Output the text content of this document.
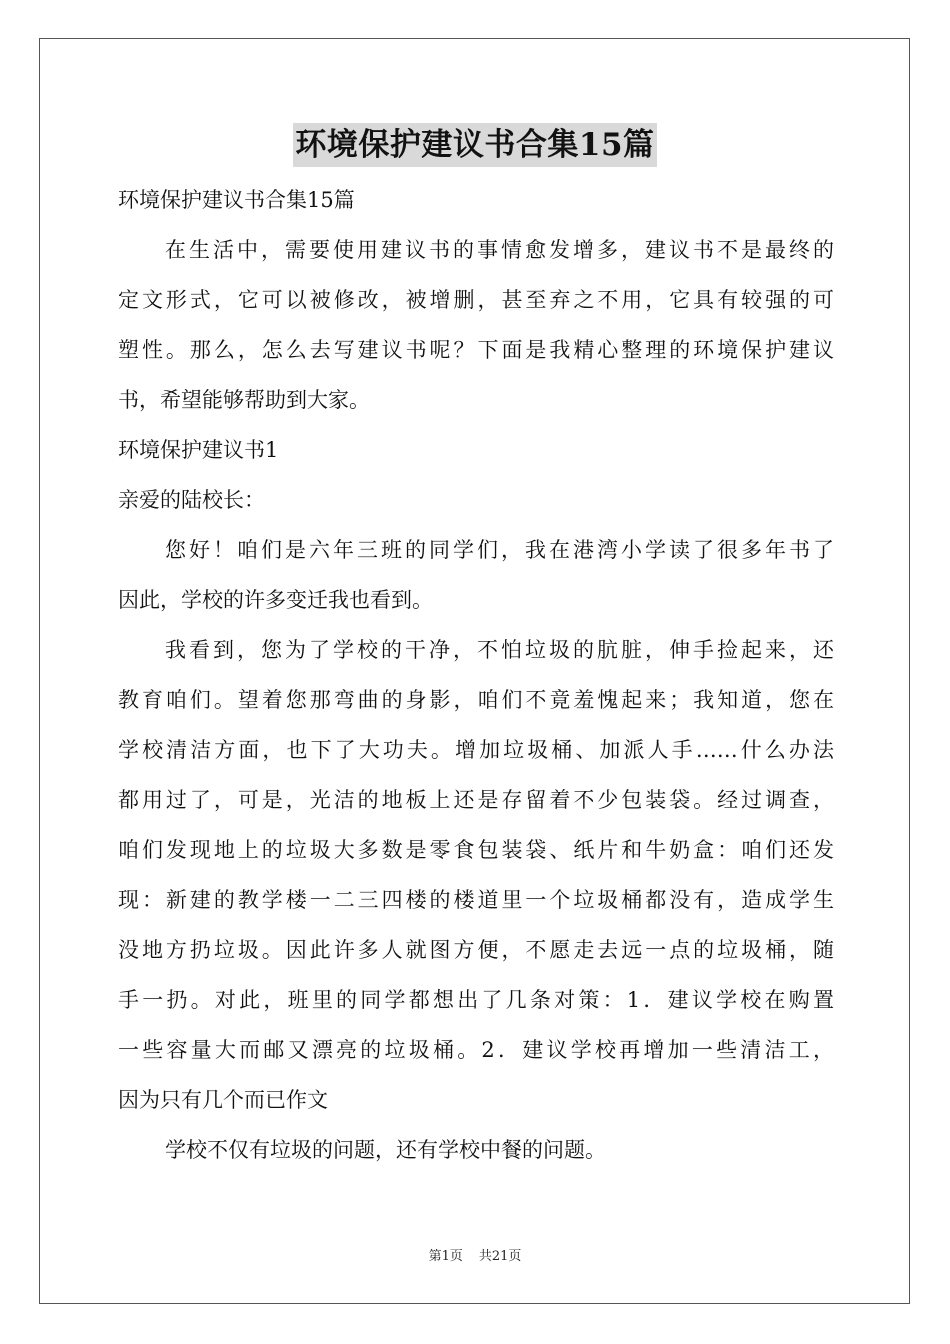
环境保护建议书合集15篇
环境保护建议书合集15篇
在生活中，需要使用建议书的事情愈发增多，建议书不是最终的
定文形式，它可以被修改，被增删，甚至弃之不用，它具有较强的可
塑性。那么，怎么去写建议书呢？下面是我精心整理的环境保护建议
书，希望能够帮助到大家。
环境保护建议书1
亲爱的陆校长：
您好！咱们是六年三班的同学们，我在港湾小学读了很多年书了
因此，学校的许多变迁我也看到。
我看到，您为了学校的干净，不怕垃圾的肮脏，伸手捡起来，还
教育咱们。望着您那弯曲的身影，咱们不竟羞愧起来；我知道，您在
学校清洁方面，也下了大功夫。增加垃圾桶、加派人手……什么办法
都用过了，可是，光洁的地板上还是存留着不少包装袋。经过调查，
咱们发现地上的垃圾大多数是零食包装袋、纸片和牛奶盒：咱们还发
现：新建的教学楼一二三四楼的楼道里一个垃圾桶都没有，造成学生
没地方扔垃圾。因此许多人就图方便，不愿走去远一点的垃圾桶，随
手一扔。对此，班里的同学都想出了几条对策：1．建议学校在购置
一些容量大而邮又漂亮的垃圾桶。2．建议学校再增加一些清洁工，
因为只有几个而已作文
学校不仅有垃圾的问题，还有学校中餐的问题。
第1页 共21页
